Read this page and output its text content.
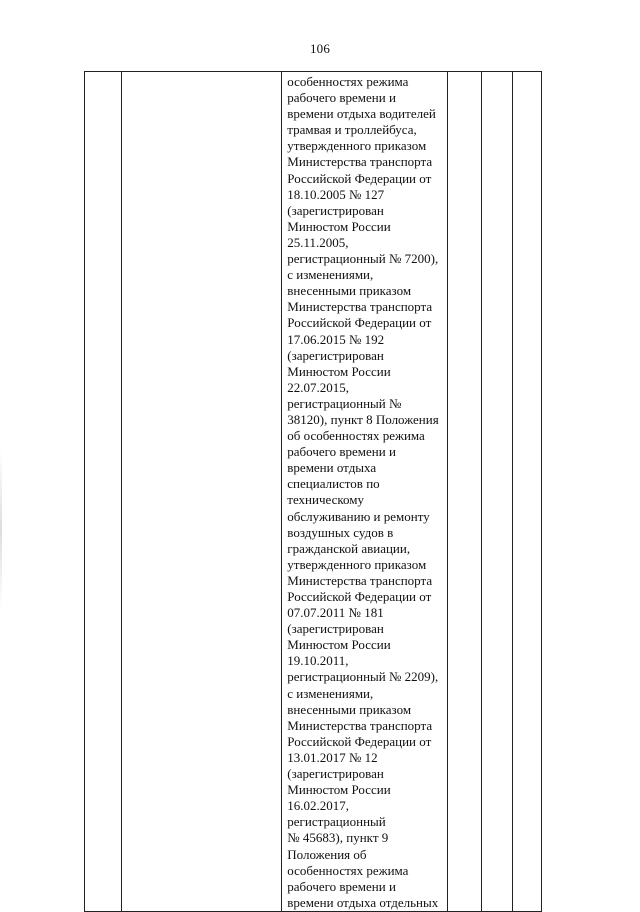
106
		особенностях режима
рабочего времени и
времени отдыха водителей
трамвая и троллейбуса,
утвержденного приказом
Министерства транспорта
Российской Федерации от
18.10.2005 № 127
(зарегистрирован
Минюстом России
25.11.2005,
регистрационный № 7200),
с изменениями,
внесенными приказом
Министерства транспорта
Российской Федерации от
17.06.2015 № 192
(зарегистрирован
Минюстом России
22.07.2015,
регистрационный №
38120), пункт 8 Положения
об особенностях режима
рабочего времени и
времени отдыха
специалистов по
техническому
обслуживанию и ремонту
воздушных судов в
гражданской авиации,
утвержденного приказом
Министерства транспорта
Российской Федерации от
07.07.2011 № 181
(зарегистрирован
Минюстом России
19.10.2011,
регистрационный № 2209),
с изменениями,
внесенными приказом
Министерства транспорта
Российской Федерации от
13.01.2017 № 12
(зарегистрирован
Минюстом России
16.02.2017,
регистрационный
№ 45683), пункт 9
Положения об
особенностях режима
рабочего времени и
времени отдыха отдельных			
